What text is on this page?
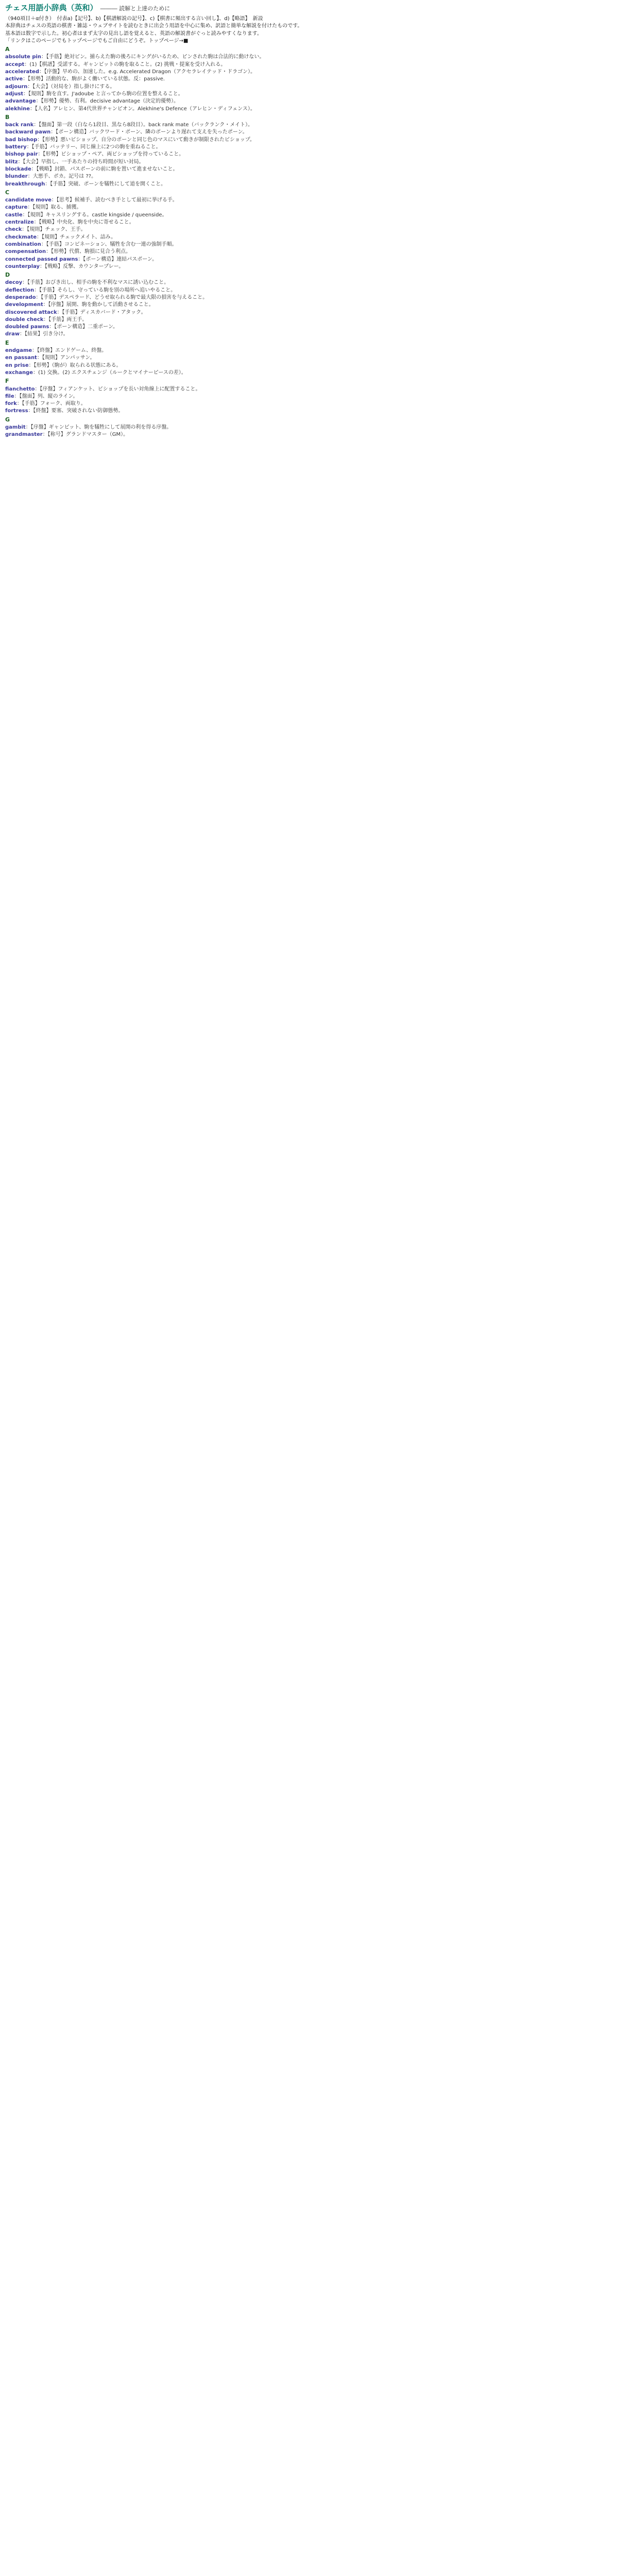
チェス用語小辞典（英和） ――― 読解と上達のために

（940項目＋α付き）　付表a)【記号】、b)【棋譜解説の記号】、c)【棋書に頻出する言い回し】、d)【略語】　新設

本辞典はチェスの英語の棋書・雑誌・ウェブサイトを読むときに出会う用語を中心に集め、訳語と簡単な解説を付けたものです。

基本語は数字で示した。初心者はまず太字の見出し語を覚えると、英語の解説書がぐっと読みやすくなります。

「リンクはこのページでもトップページでもご自由にどうぞ。トップページ→■

A

absolute pin：【手筋】絶対ピン。捕らえた駒の後ろにキングがいるため、ピンされた駒は合法的に動けない。

accept：(1)【棋譜】受諾する。ギャンビットの駒を取ること。(2) 挑戦・提案を受け入れる。

accelerated：【序盤】早めの、加速した。e.g. Accelerated Dragon（アクセラレイテッド・ドラゴン）。

active：【形勢】活動的な、駒がよく働いている状態。反：passive.

adjourn：【大会】（対局を）指し掛けにする。

adjust：【規則】駒を直す。J'adoube と言ってから駒の位置を整えること。

advantage：【形勢】優勢、有利。decisive advantage（決定的優勢）。

alekhine：【人名】アレヒン、第4代世界チャンピオン。Alekhine's Defence（アレヒン・ディフェンス）。

B

back rank：【盤面】第一段（白なら1段目、黒なら8段目）。back rank mate（バックランク・メイト）。

backward pawn：【ポーン構造】バックワード・ポーン、隣のポーンより遅れて支えを失ったポーン。

bad bishop：【形勢】悪いビショップ、自分のポーンと同じ色のマスにいて動きが制限されたビショップ。

battery：【手筋】バッテリー、同じ線上に2つの駒を重ねること。

bishop pair：【形勢】ビショップ・ペア、両ビショップを持っていること。

blitz：【大会】早指し、一手あたりの持ち時間が短い対局。

blockade：【戦略】封鎖、パスポーンの前に駒を置いて進ませないこと。

blunder：大悪手、ポカ。記号は ??。

breakthrough：【手筋】突破、ポーンを犠牲にして道を開くこと。

C

candidate move：【思考】候補手、読むべき手として最初に挙げる手。

capture：【規則】取る、捕獲。

castle：【規則】キャスリングする。castle kingside / queenside。

centralize：【戦略】中央化、駒を中央に寄せること。

check：【規則】チェック、王手。

checkmate：【規則】チェックメイト、詰み。

combination：【手筋】コンビネーション、犠牲を含む一連の強制手順。

compensation：【形勢】代償、駒損に見合う利点。

connected passed pawns：【ポーン構造】連結パスポーン。

counterplay：【戦略】反撃、カウンタープレー。

D

decoy：【手筋】おびき出し、相手の駒を不利なマスに誘い込むこと。

deflection：【手筋】そらし、守っている駒を別の場所へ追いやること。

desperado：【手筋】デスペラード、どうせ取られる駒で最大限の損害を与えること。

development：【序盤】展開、駒を動かして活動させること。

discovered attack：【手筋】ディスカバード・アタック。

double check：【手筋】両王手。

doubled pawns：【ポーン構造】二重ポーン。

draw：【結果】引き分け。

E

endgame：【終盤】エンドゲーム、終盤。

en passant：【規則】アンパッサン。

en prise：【形勢】（駒が）取られる状態にある。

exchange：(1) 交換。(2) エクスチェンジ（ルークとマイナーピースの差）。

F

fianchetto：【序盤】フィアンケット、ビショップを長い対角線上に配置すること。

file：【盤面】列、縦のライン。

fork：【手筋】フォーク、両取り。

fortress：【終盤】要塞、突破されない防御態勢。

G

gambit：【序盤】ギャンビット、駒を犠牲にして展開の利を得る序盤。

grandmaster：【称号】グランドマスター（GM）。
